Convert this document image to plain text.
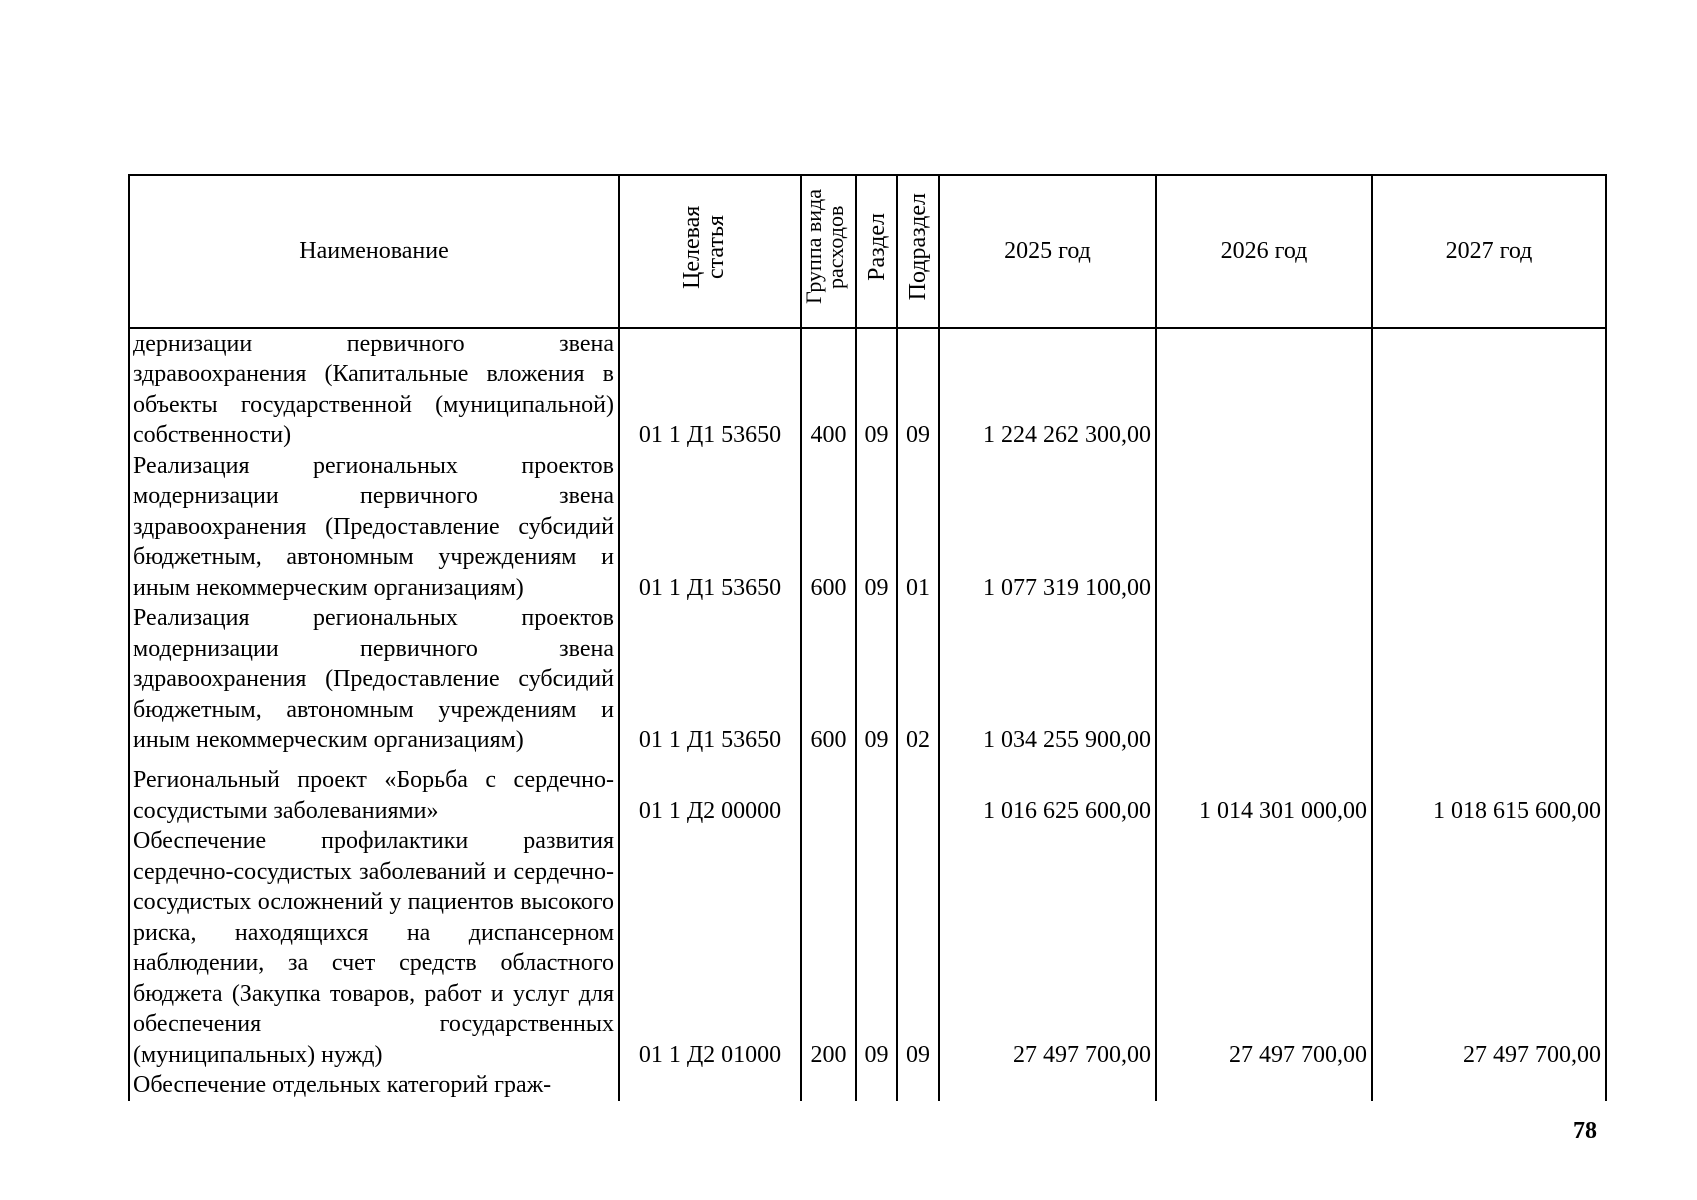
Наименование	Целевая статья	Группа вида расходов	Раздел	Подраздел	2025 год	2026 год	2027 год
дернизации первичного звена здравоохранения (Капитальные вложения в объекты государственной (муниципальной) собственности)	01 1 Д1 53650	400	09	09	1 224 262 300,00		
Реализация региональных проектов модернизации первичного звена здравоохранения (Предоставление субсидий бюджетным, автономным учреждениям и иным некоммерческим организациям)	01 1 Д1 53650	600	09	01	1 077 319 100,00		
Реализация региональных проектов модернизации первичного звена здравоохранения (Предоставление субсидий бюджетным, автономным учреждениям и иным некоммерческим организациям)	01 1 Д1 53650	600	09	02	1 034 255 900,00		
Региональный проект «Борьба с сердечно-сосудистыми заболеваниями»	01 1 Д2 00000				1 016 625 600,00	1 014 301 000,00	1 018 615 600,00
Обеспечение профилактики развития сердечно-сосудистых заболеваний и сердечно-сосудистых осложнений у пациентов высокого риска, находящихся на диспансерном наблюдении, за счет средств областного бюджета (Закупка товаров, работ и услуг для обеспечения государственных (муниципальных) нужд)	01 1 Д2 01000	200	09	09	27 497 700,00	27 497 700,00	27 497 700,00
Обеспечение отдельных категорий граж-							
78
